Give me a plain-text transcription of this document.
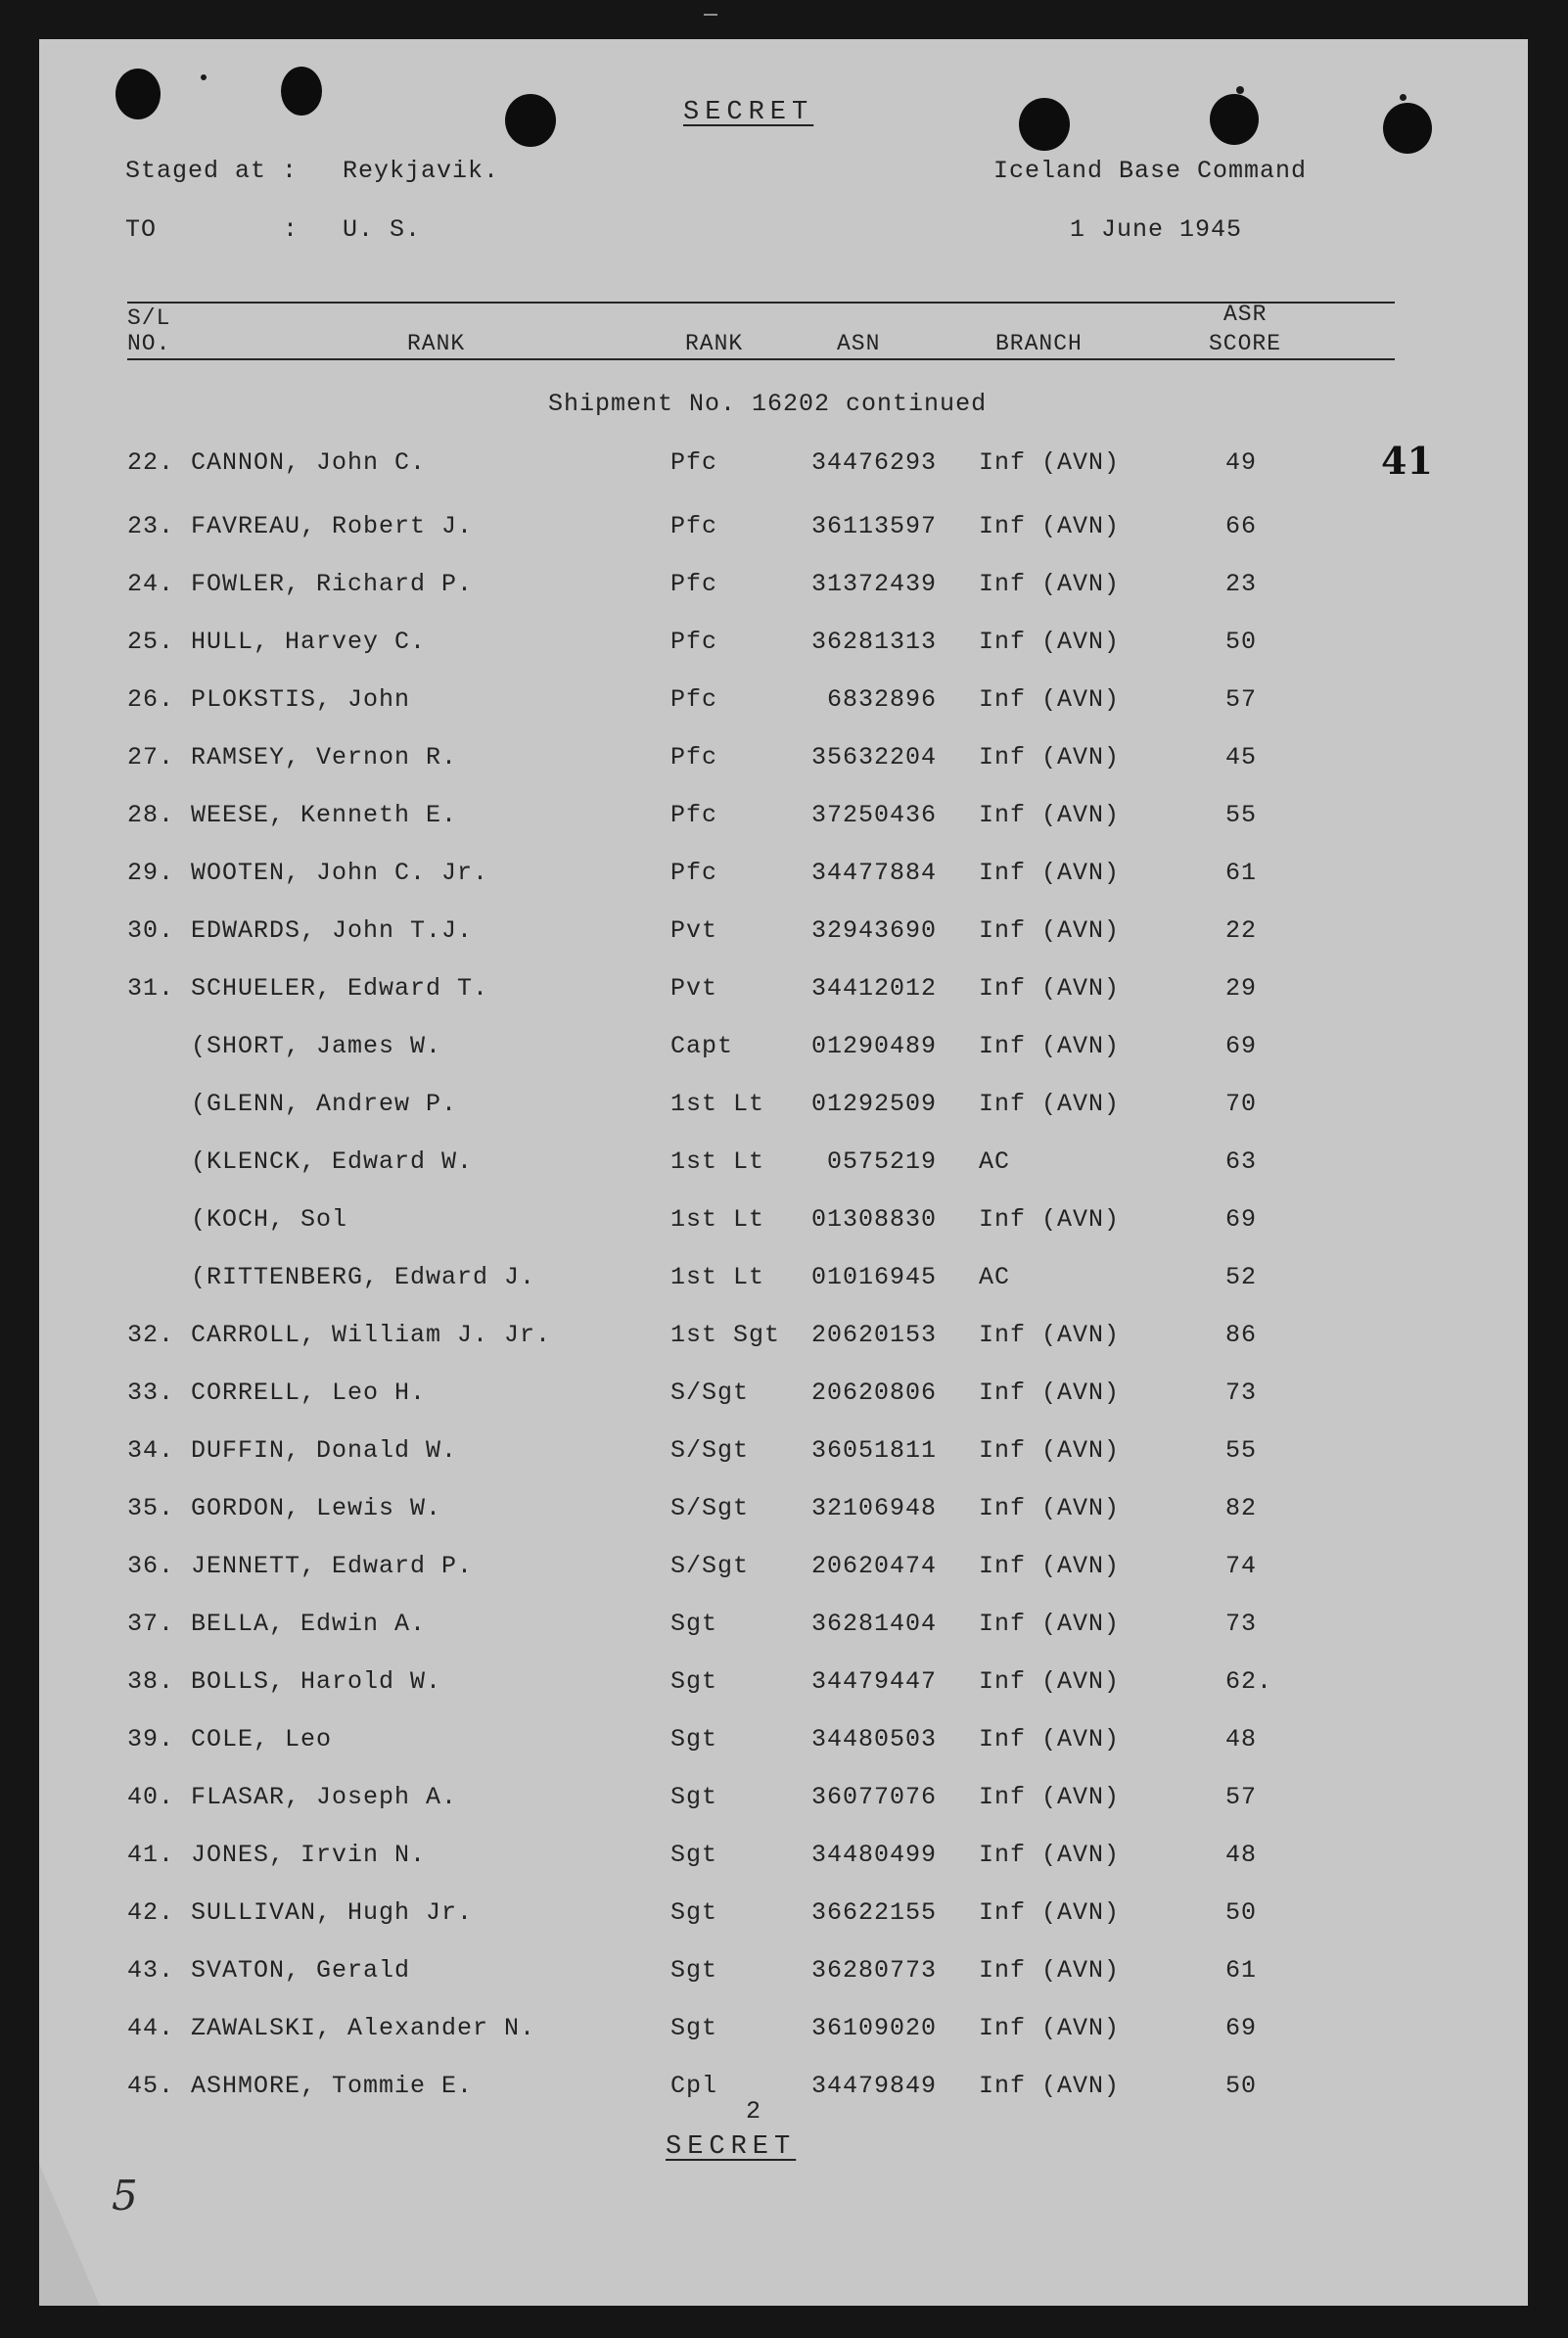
SECRET
Staged at : Reykjavik.	Iceland Base Command
TO	: U. S.	1 June 1945
S/L
NO.	RANK	RANK	ASN	BRANCH
ASR
SCORE
Shipment No. 16202 continued
41
22. CANNON, John C.	Pfc	34476293 Inf (AVN)	49
23. FAVREAU, Robert J.	Pfc	36113597 Inf (AVN)	66
24. FOWLER, Richard P.	Pfc	31372439 Inf (AVN)	23
25. HULL, Harvey C.	Pfc	36281313 Inf (AVN)	50
26. PLOKSTIS, John	Pfc	6832896 Inf (AVN)	57
27. RAMSEY, Vernon R.	Pfc	35632204 Inf (AVN)	45
28. WEESE, Kenneth E.	Pfc	37250436 Inf (AVN)	55
29. WOOTEN, John C. Jr.	Pfc	34477884 Inf (AVN)	61
30. EDWARDS, John T.J.	Pvt	32943690 Inf (AVN)	22
31. SCHUELER, Edward T.	Pvt	34412012 Inf (AVN)	29
(SHORT, James W.	Capt	01290489 Inf (AVN)	69
(GLENN, Andrew P.	1st Lt	01292509 Inf (AVN)	70
(KLENCK, Edward W.	1st Lt	0575219 AC	63
(KOCH, Sol	1st Lt	01308830 Inf (AVN)	69
(RITTENBERG, Edward J.	1st Lt	01016945 AC	52
32. CARROLL, William J. Jr.	1st Sgt	20620153 Inf (AVN)	86
33. CORRELL, Leo H.	S/Sgt	20620806 Inf (AVN)	73
34. DUFFIN, Donald W.	S/Sgt	36051811 Inf (AVN)	55
35. GORDON, Lewis W.	S/Sgt	32106948 Inf (AVN)	82
36. JENNETT, Edward P.	S/Sgt	20620474 Inf (AVN)	74
37. BELLA, Edwin A.	Sgt	36281404 Inf (AVN)	73
38. BOLLS, Harold W.	Sgt	34479447 Inf (AVN)	62.
39. COLE, Leo	Sgt	34480503 Inf (AVN)	48
40. FLASAR, Joseph A.	Sgt	36077076 Inf (AVN)	57
41. JONES, Irvin N.	Sgt	34480499 Inf (AVN)	48
42. SULLIVAN, Hugh Jr.	Sgt	36622155 Inf (AVN)	50
43. SVATON, Gerald	Sgt	36280773 Inf (AVN)	61
44. ZAWALSKI, Alexander N.	Sgt	36109020 Inf (AVN)	69
45. ASHMORE, Tommie E.	Cpl	34479849 Inf (AVN)	50
2
SECRET
5
